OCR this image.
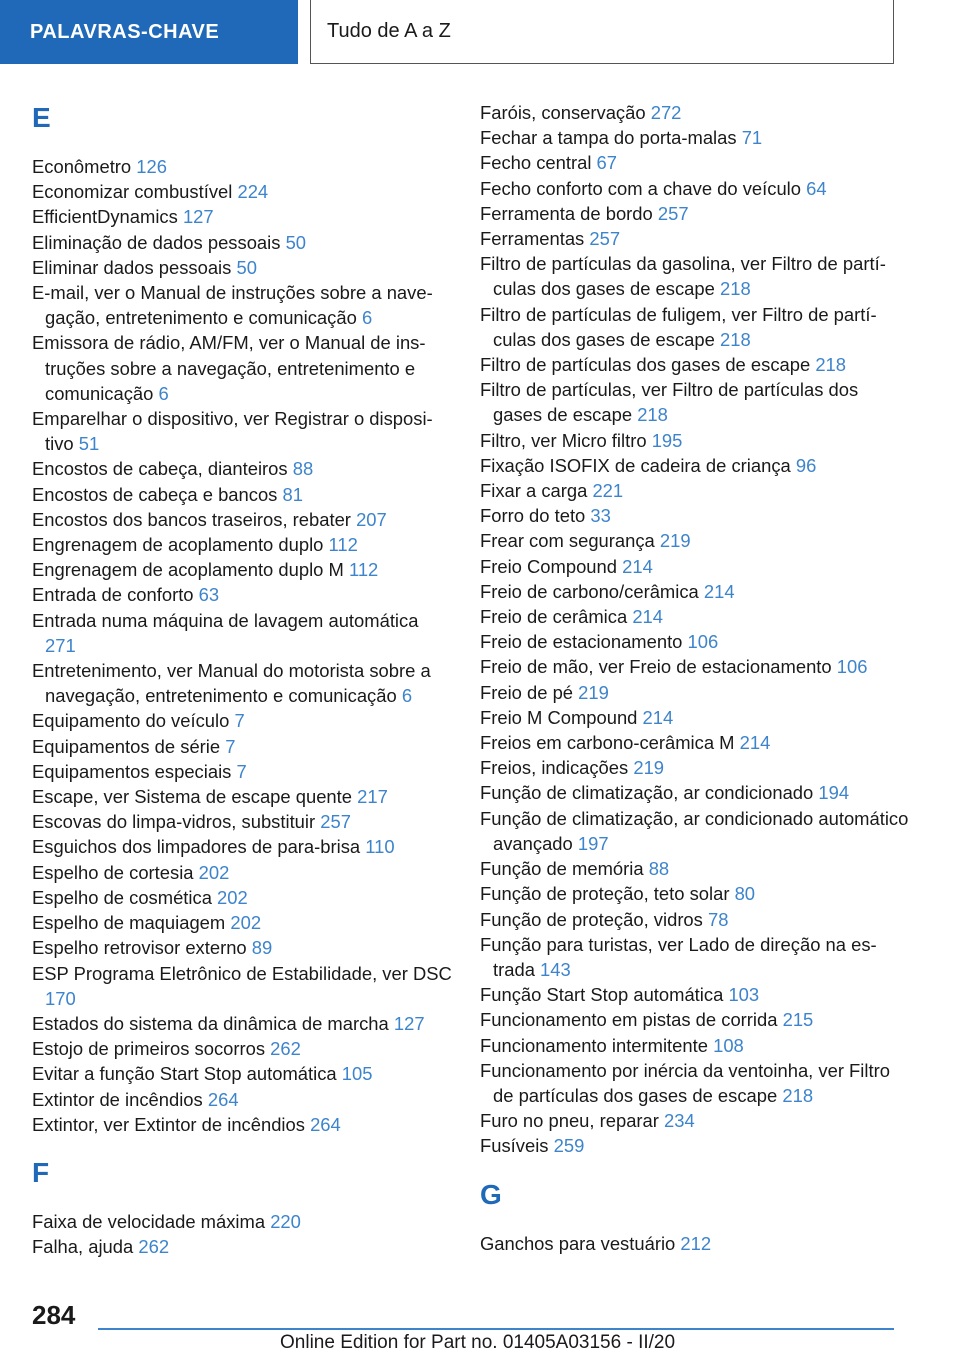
PALAVRAS-CHAVE	Tudo de A a Z
E
Econômetro 126
Economizar combustível 224
EfficientDynamics 127
Eliminação de dados pessoais 50
Eliminar dados pessoais 50
E-mail, ver o Manual de instruções sobre a navegação, entretenimento e comunicação 6
Emissora de rádio, AM/FM, ver o Manual de instruções sobre a navegação, entretenimento e comunicação 6
Emparelhar o dispositivo, ver Registrar o dispositivo 51
Encostos de cabeça, dianteiros 88
Encostos de cabeça e bancos 81
Encostos dos bancos traseiros, rebater 207
Engrenagem de acoplamento duplo 112
Engrenagem de acoplamento duplo M 112
Entrada de conforto 63
Entrada numa máquina de lavagem automática 271
Entretenimento, ver Manual do motorista sobre a navegação, entretenimento e comunicação 6
Equipamento do veículo 7
Equipamentos de série 7
Equipamentos especiais 7
Escape, ver Sistema de escape quente 217
Escovas do limpa-vidros, substituir 257
Esguichos dos limpadores de para-brisa 110
Espelho de cortesia 202
Espelho de cosmética 202
Espelho de maquiagem 202
Espelho retrovisor externo 89
ESP Programa Eletrônico de Estabilidade, ver DSC 170
Estados do sistema da dinâmica de marcha 127
Estojo de primeiros socorros 262
Evitar a função Start Stop automática 105
Extintor de incêndios 264
Extintor, ver Extintor de incêndios 264
F
Faixa de velocidade máxima 220
Falha, ajuda 262
Faróis, conservação 272
Fechar a tampa do porta-malas 71
Fecho central 67
Fecho conforto com a chave do veículo 64
Ferramenta de bordo 257
Ferramentas 257
Filtro de partículas da gasolina, ver Filtro de partículas dos gases de escape 218
Filtro de partículas de fuligem, ver Filtro de partículas dos gases de escape 218
Filtro de partículas dos gases de escape 218
Filtro de partículas, ver Filtro de partículas dos gases de escape 218
Filtro, ver Micro filtro 195
Fixação ISOFIX de cadeira de criança 96
Fixar a carga 221
Forro do teto 33
Frear com segurança 219
Freio Compound 214
Freio de carbono/cerâmica 214
Freio de cerâmica 214
Freio de estacionamento 106
Freio de mão, ver Freio de estacionamento 106
Freio de pé 219
Freio M Compound 214
Freios em carbono-cerâmica M 214
Freios, indicações 219
Função de climatização, ar condicionado 194
Função de climatização, ar condicionado automático avançado 197
Função de memória 88
Função de proteção, teto solar 80
Função de proteção, vidros 78
Função para turistas, ver Lado de direção na estrada 143
Função Start Stop automática 103
Funcionamento em pistas de corrida 215
Funcionamento intermitente 108
Funcionamento por inércia da ventoinha, ver Filtro de partículas dos gases de escape 218
Furo no pneu, reparar 234
Fusíveis 259
G
Ganchos para vestuário 212
284
Online Edition for Part no. 01405A03156 - II/20
